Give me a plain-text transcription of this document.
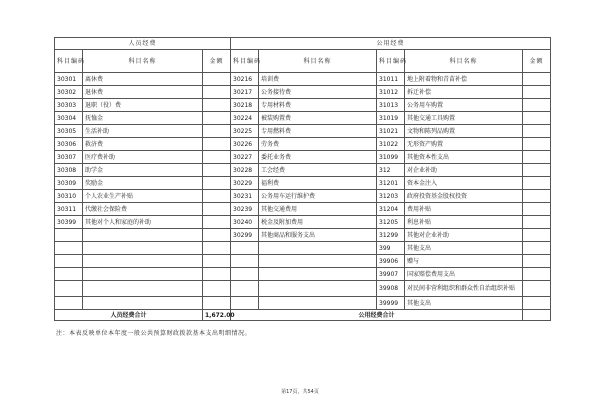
人员经费			公用经费				
科目编码	科目名称	金额	科目编码	科目名称	科目编码	科目名称	金额
30301	离休费		30216	培训费	31011	地上附着物和青苗补偿	
30302	退休费		30217	公务接待费	31012	拆迁补偿	
30303	退职（役）费		30218	专用材料费	31013	公务用车购置	
30304	抚恤金		30224	被装购置费	31019	其他交通工具购置	
30305	生活补助		30225	专用燃料费	31021	文物和陈列品购置	
30306	救济费		30226	劳务费	31022	无形资产购置	
30307	医疗费补助		30227	委托业务费	31099	其他资本性支出	
30308	助学金		30228	工会经费	312	对企业补助	
30309	奖励金		30229	福利费	31201	资本金注入	
30310	个人农业生产补贴		30231	公务用车运行维护费	31203	政府投资基金股权投资	
30311	代缴社会保险费		30239	其他交通费用	31204	费用补贴	
30399	其他对个人和家庭的补助		30240	税金及附加费用	31205	利息补贴	
			30299	其他商品和服务支出	31299	其他对企业补助	
					399	其他支出	
					39906	赠与	
					39907	国家赔偿费用支出	
					39908	对民间非营利组织和群众性自治组织补贴	
					39999	其他支出	
人员经费合计		1,672.00	公用经费合计				
注：本表反映单位本年度一般公共预算财政拨款基本支出明细情况。
第17页，共54页
